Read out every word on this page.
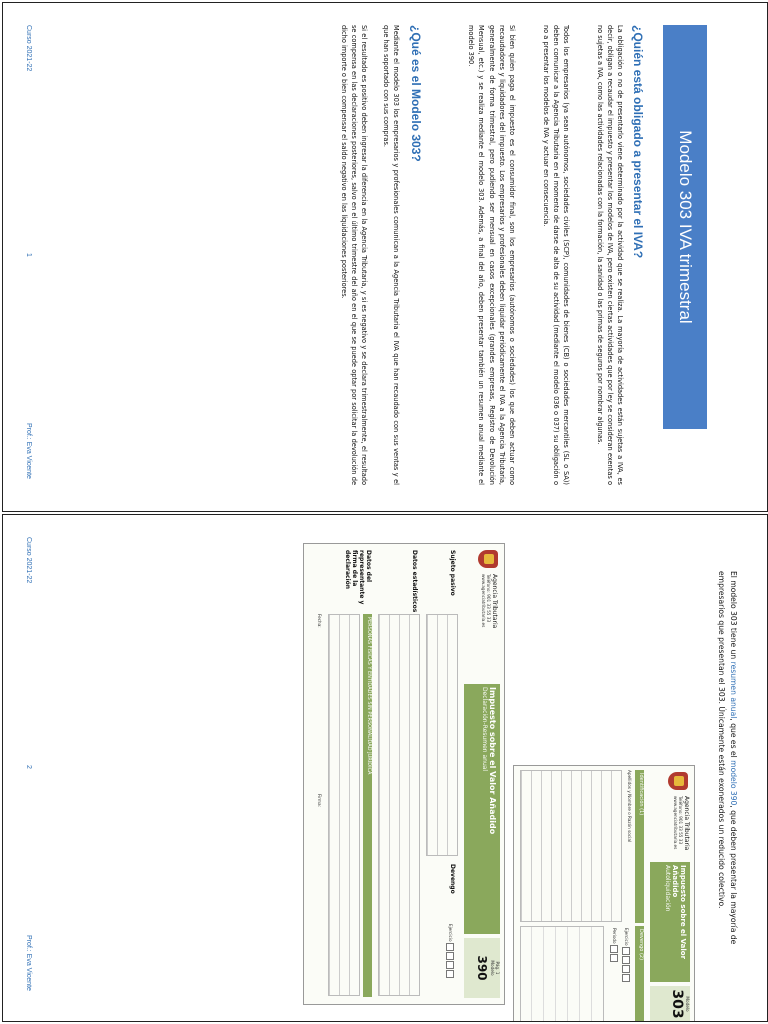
Modelo 303 IVA trimestral
¿Quién está obligado a presentar el IVA?
La obligación o no de presentarlo viene determinado por la actividad que se realiza. La mayoría de actividades están sujetas a IVA, es decir, obligan a recaudar el impuesto y presentar los modelos de IVA, pero existen ciertas actividades que por ley se consideran exentas o no sujetas a IVA, como las actividades relacionadas con la formación, la sanidad o las primas de seguros por nombrar algunas.
Todos los empresarios (ya sean autónomos, sociedades civiles (SCP), comunidades de bienes (CB) o sociedades mercantiles (SL o SA)) deben comunicar a la Agencia Tributaria en el momento de darse de alta de su actividad (mediante el modelo 036 o 037) su obligación o no a presentar los modelos de IVA y actuar en consecuencia.
Si bien quien paga el impuesto es el consumidor final, son los empresarios (autónomos o sociedades) los que deben actuar como recaudadores y liquidadores del impuesto. Los empresarios y profesionales deben liquidar periódicamente el IVA a la Agencia Tributaria, generalmente de forma trimestral, pero pudiendo ser mensual en casos excepcionales (grandes empresas, Registro de Devolución Mensual, etc.) y se realiza mediante el modelo 303. Además, a final del año, deben presentar también un resumen anual mediante el modelo 390.
¿Qué es el Modelo 303?
Mediante el modelo 303 los empresarios y profesionales comunican a la Agencia Tributaria el IVA que han recaudado con sus ventas y el que han soportado con sus compras.
Si el resultado es positivo deben ingresar la diferencia en la Agencia Tributaria, y si es negativo y se declara trimestralmente, el resultado se compensa en las declaraciones posteriores, salvo en el último trimestre del año en el que se puede optar por solicitar la devolución de dicho importe o bien compensar el saldo negativo en las liquidaciones posteriores.
Curso 2021-22
1
Prof.: Eva Vicente
El modelo 303 tiene un resumen anual, que es el modelo 390, que deben presentar la mayoría de empresarios que presentan el 303. Únicamente están exonerados un reducido colectivo.
Agencia Tributaria
Teléfono: 901 33 55 33
www.agenciatributaria.es
Impuesto sobre el Valor Añadido
Autoliquidación
Modelo
303
Identificación (1)
Apellidos y Nombre o Razón social
Devengo (2)
Ejercicio
Periodo
Agencia Tributaria
Teléfono: 901 33 55 33
www.agenciatributaria.es
Impuesto sobre el Valor Añadido
Declaración-Resumen anual
Pág. 1
Modelo
390
Sujeto pasivo
Devengo
Ejercicio
Datos estadísticos
Datos del representante y firma de la declaración
PERSONAS FÍSICAS Y ENTIDADES SIN PERSONALIDAD JURÍDICA
Fecha:
Firma:
Curso 2021-22
2
Prof.: Eva Vicente
